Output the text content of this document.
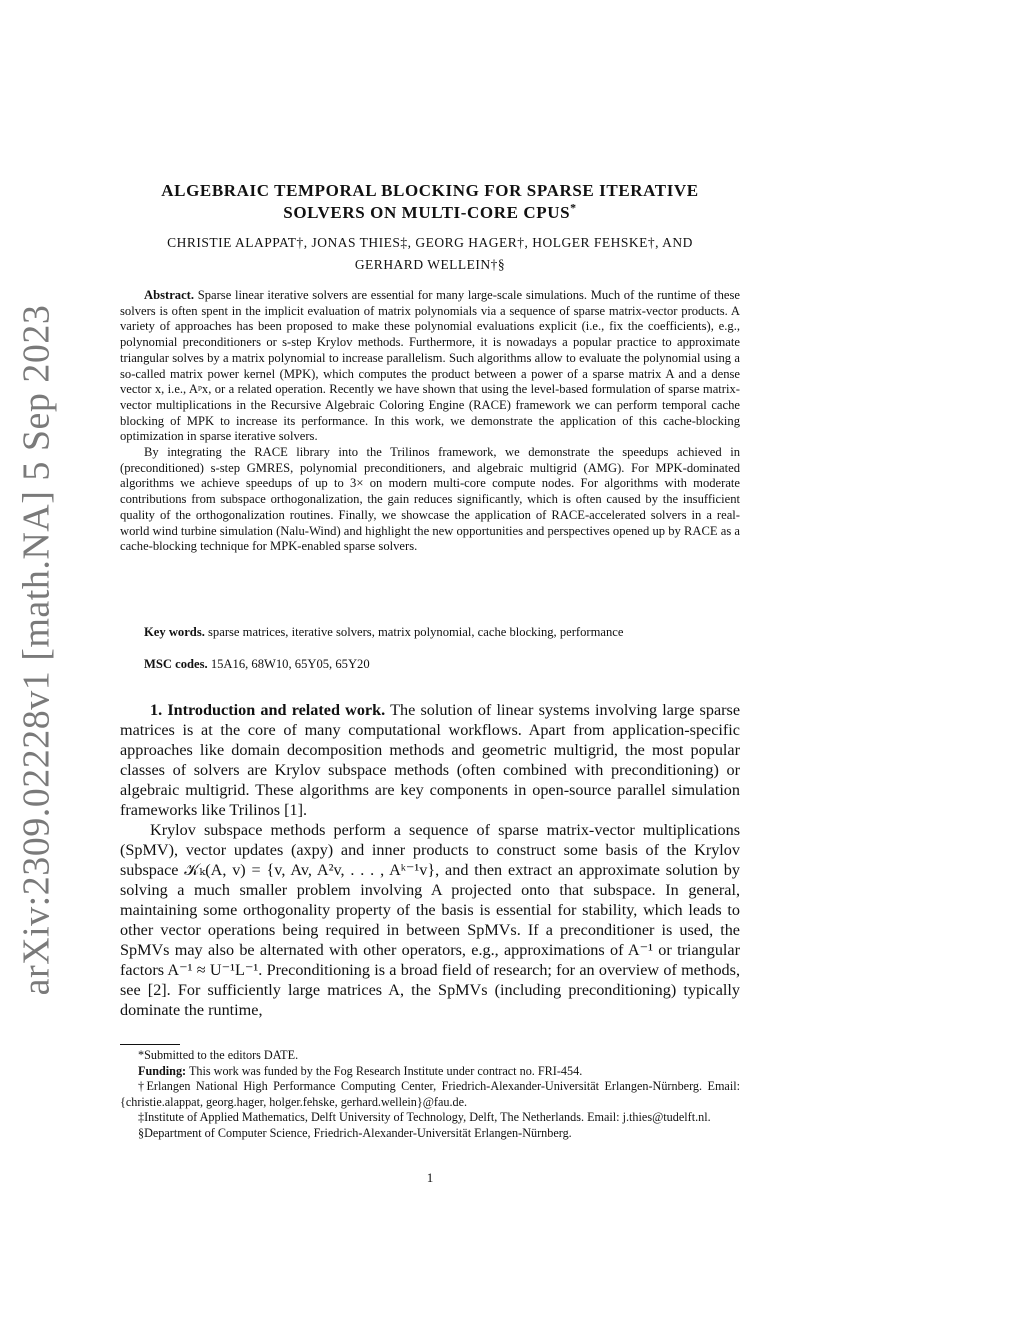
arXiv:2309.02228v1 [math.NA] 5 Sep 2023
ALGEBRAIC TEMPORAL BLOCKING FOR SPARSE ITERATIVE
SOLVERS ON MULTI-CORE CPUS*
CHRISTIE ALAPPAT†, JONAS THIES‡, GEORG HAGER†, HOLGER FEHSKE†, AND
GERHARD WELLEIN†§

Abstract. Sparse linear iterative solvers are essential for many large-scale simulations. Much of the runtime of these solvers is often spent in the implicit evaluation of matrix polynomials via a sequence of sparse matrix-vector products. A variety of approaches has been proposed to make these polynomial evaluations explicit (i.e., fix the coefficients), e.g., polynomial preconditioners or s-step Krylov methods. Furthermore, it is nowadays a popular practice to approximate triangular solves by a matrix polynomial to increase parallelism. Such algorithms allow to evaluate the polynomial using a so-called matrix power kernel (MPK), which computes the product between a power of a sparse matrix A and a dense vector x, i.e., Aᵖx, or a related operation. Recently we have shown that using the level-based formulation of sparse matrix-vector multiplications in the Recursive Algebraic Coloring Engine (RACE) framework we can perform temporal cache blocking of MPK to increase its performance. In this work, we demonstrate the application of this cache-blocking optimization in sparse iterative solvers.

By integrating the RACE library into the Trilinos framework, we demonstrate the speedups achieved in (preconditioned) s-step GMRES, polynomial preconditioners, and algebraic multigrid (AMG). For MPK-dominated algorithms we achieve speedups of up to 3× on modern multi-core compute nodes. For algorithms with moderate contributions from subspace orthogonalization, the gain reduces significantly, which is often caused by the insufficient quality of the orthogonalization routines. Finally, we showcase the application of RACE-accelerated solvers in a real-world wind turbine simulation (Nalu-Wind) and highlight the new opportunities and perspectives opened up by RACE as a cache-blocking technique for MPK-enabled sparse solvers.

Key words. sparse matrices, iterative solvers, matrix polynomial, cache blocking, performance
MSC codes. 15A16, 68W10, 65Y05, 65Y20

1. Introduction and related work. The solution of linear systems involving large sparse matrices is at the core of many computational workflows. Apart from application-specific approaches like domain decomposition methods and geometric multigrid, the most popular classes of solvers are Krylov subspace methods (often combined with preconditioning) or algebraic multigrid. These algorithms are key components in open-source parallel simulation frameworks like Trilinos [1].

Krylov subspace methods perform a sequence of sparse matrix-vector multiplications (SpMV), vector updates (axpy) and inner products to construct some basis of the Krylov subspace 𝒦ₖ(A, v) = {v, Av, A²v, . . . , Aᵏ⁻¹v}, and then extract an approximate solution by solving a much smaller problem involving A projected onto that subspace. In general, maintaining some orthogonality property of the basis is essential for stability, which leads to other vector operations being required in between SpMVs. If a preconditioner is used, the SpMVs may also be alternated with other operators, e.g., approximations of A⁻¹ or triangular factors A⁻¹ ≈ U⁻¹L⁻¹. Preconditioning is a broad field of research; for an overview of methods, see [2]. For sufficiently large matrices A, the SpMVs (including preconditioning) typically dominate the runtime,

*Submitted to the editors DATE.

Funding: This work was funded by the Fog Research Institute under contract no. FRI-454.

†Erlangen National High Performance Computing Center, Friedrich-Alexander-Universität Erlangen-Nürnberg. Email: {christie.alappat, georg.hager, holger.fehske, gerhard.wellein}@fau.de.

‡Institute of Applied Mathematics, Delft University of Technology, Delft, The Netherlands. Email: j.thies@tudelft.nl.

§Department of Computer Science, Friedrich-Alexander-Universität Erlangen-Nürnberg.

1
